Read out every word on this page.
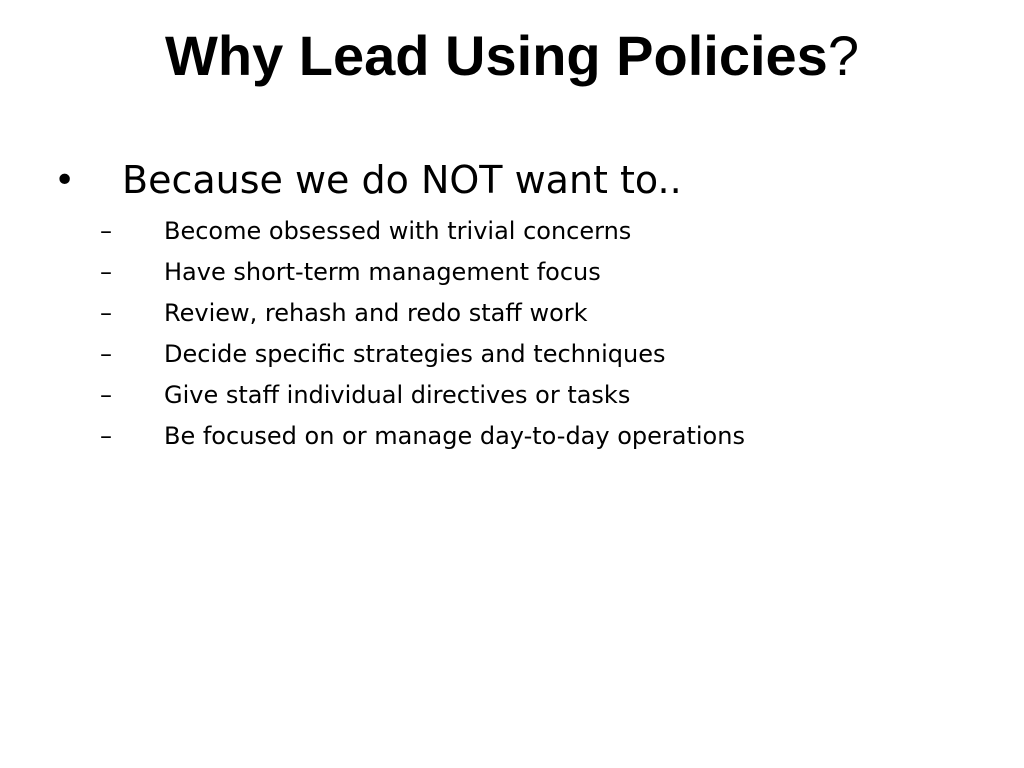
Why Lead Using Policies?
•	Because we do NOT want to..
–	Become obsessed with trivial concerns
–	Have short-term management focus
–	Review, rehash and redo staff work
–	Decide specific strategies and techniques
–	Give staff individual directives or tasks
–	Be focused on or manage day-to-day operations
